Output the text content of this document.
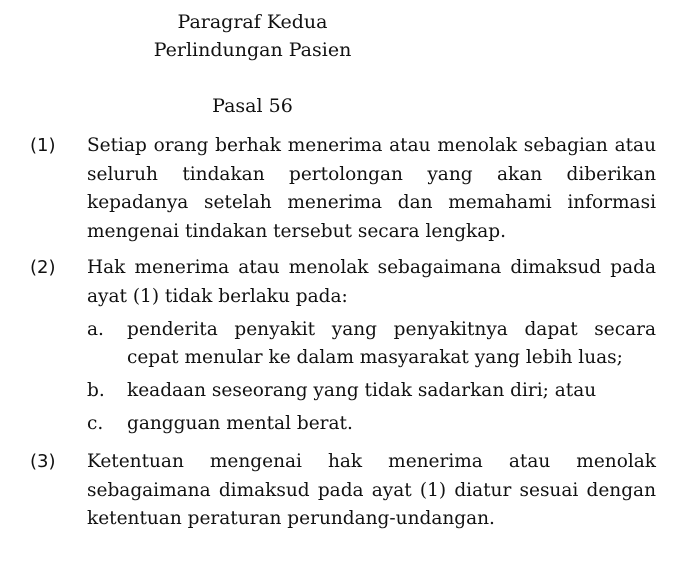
Paragraf Kedua
Perlindungan Pasien
Pasal 56
(1) Setiap orang berhak menerima atau menolak sebagian atau seluruh tindakan pertolongan yang akan diberikan kepadanya setelah menerima dan memahami informasi mengenai tindakan tersebut secara lengkap.
(2) Hak menerima atau menolak sebagaimana dimaksud pada ayat (1) tidak berlaku pada:
a. penderita penyakit yang penyakitnya dapat secara cepat menular ke dalam masyarakat yang lebih luas;
b. keadaan seseorang yang tidak sadarkan diri; atau
c. gangguan mental berat.
(3) Ketentuan mengenai hak menerima atau menolak sebagaimana dimaksud pada ayat (1) diatur sesuai dengan ketentuan peraturan perundang-undangan.
